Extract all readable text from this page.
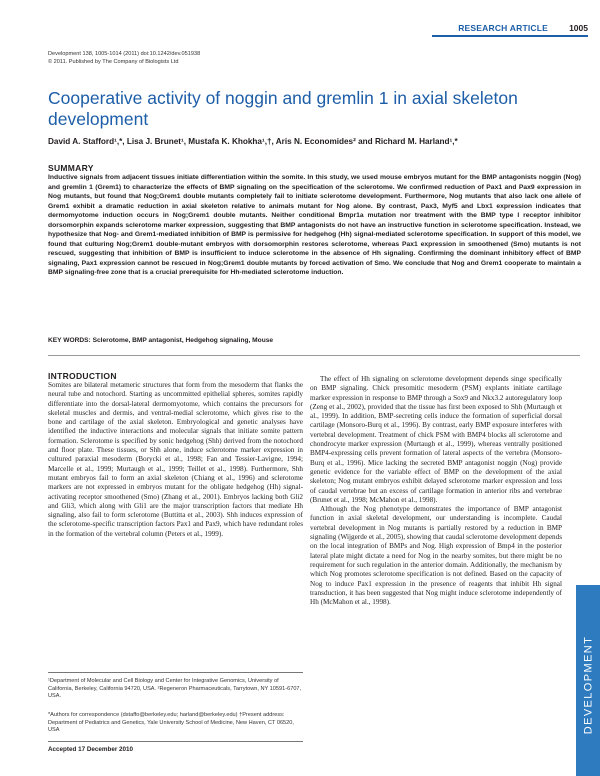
RESEARCH ARTICLE 1005
Development 138, 1005-1014 (2011) doi:10.1242/dev.051938
© 2011. Published by The Company of Biologists Ltd
Cooperative activity of noggin and gremlin 1 in axial skeleton development
David A. Stafford¹,*, Lisa J. Brunet¹, Mustafa K. Khokha¹,†, Aris N. Economides² and Richard M. Harland¹,*
SUMMARY
Inductive signals from adjacent tissues initiate differentiation within the somite. In this study, we used mouse embryos mutant for the BMP antagonists noggin (Nog) and gremlin 1 (Grem1) to characterize the effects of BMP signaling on the specification of the sclerotome. We confirmed reduction of Pax1 and Pax9 expression in Nog mutants, but found that Nog;Grem1 double mutants completely fail to initiate sclerotome development. Furthermore, Nog mutants that also lack one allele of Grem1 exhibit a dramatic reduction in axial skeleton relative to animals mutant for Nog alone. By contrast, Pax3, Myf5 and Lbx1 expression indicates that dermomyotome induction occurs in Nog;Grem1 double mutants. Neither conditional Bmpr1a mutation nor treatment with the BMP type I receptor inhibitor dorsomorphin expands sclerotome marker expression, suggesting that BMP antagonists do not have an instructive function in sclerotome specification. Instead, we hypothesize that Nog- and Grem1-mediated inhibition of BMP is permissive for hedgehog (Hh) signal-mediated sclerotome specification. In support of this model, we found that culturing Nog;Grem1 double-mutant embryos with dorsomorphin restores sclerotome, whereas Pax1 expression in smoothened (Smo) mutants is not rescued, suggesting that inhibition of BMP is insufficient to induce sclerotome in the absence of Hh signaling. Confirming the dominant inhibitory effect of BMP signaling, Pax1 expression cannot be rescued in Nog;Grem1 double mutants by forced activation of Smo. We conclude that Nog and Grem1 cooperate to maintain a BMP signaling-free zone that is a crucial prerequisite for Hh-mediated sclerotome induction.
KEY WORDS: Sclerotome, BMP antagonist, Hedgehog signaling, Mouse
INTRODUCTION

Somites are bilateral metameric structures that form from the mesoderm that flanks the neural tube and notochord. Starting as uncommitted epithelial spheres, somites rapidly differentiate into the dorsal-lateral dermomyotome, which contains the precursors for skeletal muscles and dermis, and ventral-medial sclerotome, which gives rise to the bone and cartilage of the axial skeleton. Embryological and genetic analyses have identified the inductive interactions and molecular signals that initiate somite pattern formation. Sclerotome is specified by sonic hedgehog (Shh) derived from the notochord and floor plate. These tissues, or Shh alone, induce sclerotome marker expression in cultured paraxial mesoderm (Borycki et al., 1998; Fan and Tessier-Lavigne, 1994; Marcelle et al., 1999; Murtaugh et al., 1999; Teillet et al., 1998). Furthermore, Shh mutant embryos fail to form an axial skeleton (Chiang et al., 1996) and sclerotome markers are not expressed in embryos mutant for the obligate hedgehog (Hh) signal-activating receptor smoothened (Smo) (Zhang et al., 2001). Embryos lacking both Gli2 and Gli3, which along with Gli1 are the major transcription factors that mediate Hh signaling, also fail to form sclerotome (Buttitta et al., 2003). Shh induces expression of the sclerotome-specific transcription factors Pax1 and Pax9, which have redundant roles in the formation of the vertebral column (Peters et al., 1999).

The effect of Hh signaling on sclerotome development depends singe specifically on BMP signaling. Chick presomitic mesoderm (PSM) explants initiate cartilage marker expression in response to BMP through a Sox9 and Nkx3.2 autoregulatory loop (Zeng et al., 2002), provided that the tissue has first been exposed to Shh (Murtaugh et al., 1999). In addition, BMP-secreting cells induce the formation of superficial dorsal cartilage (Monsoro-Burq et al., 1996). By contrast, early BMP exposure interferes with vertebral development. Treatment of chick PSM with BMP4 blocks all sclerotome and chondrocyte marker expression (Murtaugh et al., 1999), whereas ventrally positioned BMP4-expressing cells prevent formation of lateral aspects of the vertebra (Monsoro-Burq et al., 1996). Mice lacking the secreted BMP antagonist noggin (Nog) provide genetic evidence for the variable effect of BMP on the development of the axial skeleton; Nog mutant embryos exhibit delayed sclerotome marker expression and loss of caudal vertebrae but an excess of cartilage formation in anterior ribs and vertebrae (Brunet et al., 1998; McMahon et al., 1998).

Although the Nog phenotype demonstrates the importance of BMP antagonist function in axial skeletal development, our understanding is incomplete. Caudal vertebral development in Nog mutants is partially restored by a reduction in BMP signaling (Wijgerde et al., 2005), showing that caudal sclerotome development depends on the local integration of BMPs and Nog. High expression of Bmp4 in the posterior lateral plate might dictate a need for Nog in the nearby somites, but there might be no requirement for such regulation in the anterior domain. Additionally, the mechanism by which Nog promotes sclerotome specification is not defined. Based on the capacity of Nog to induce Pax1 expression in the presence of reagents that inhibit Hh signal transduction, it has been suggested that Nog might induce sclerotome independently of Hh (McMahon et al., 1998).

¹Department of Molecular and Cell Biology and Center for Integrative Genomics, University of California, Berkeley, California 94720, USA. ²Regeneron Pharmaceuticals, Tarrytown, NY 10591-6707, USA.
*Authors for correspondence (dstaffo@berkeley.edu; harland@berkeley.edu) †Present address: Department of Pediatrics and Genetics, Yale University School of Medicine, New Haven, CT 06520, USA
Accepted 17 December 2010
DEVELOPMENT
